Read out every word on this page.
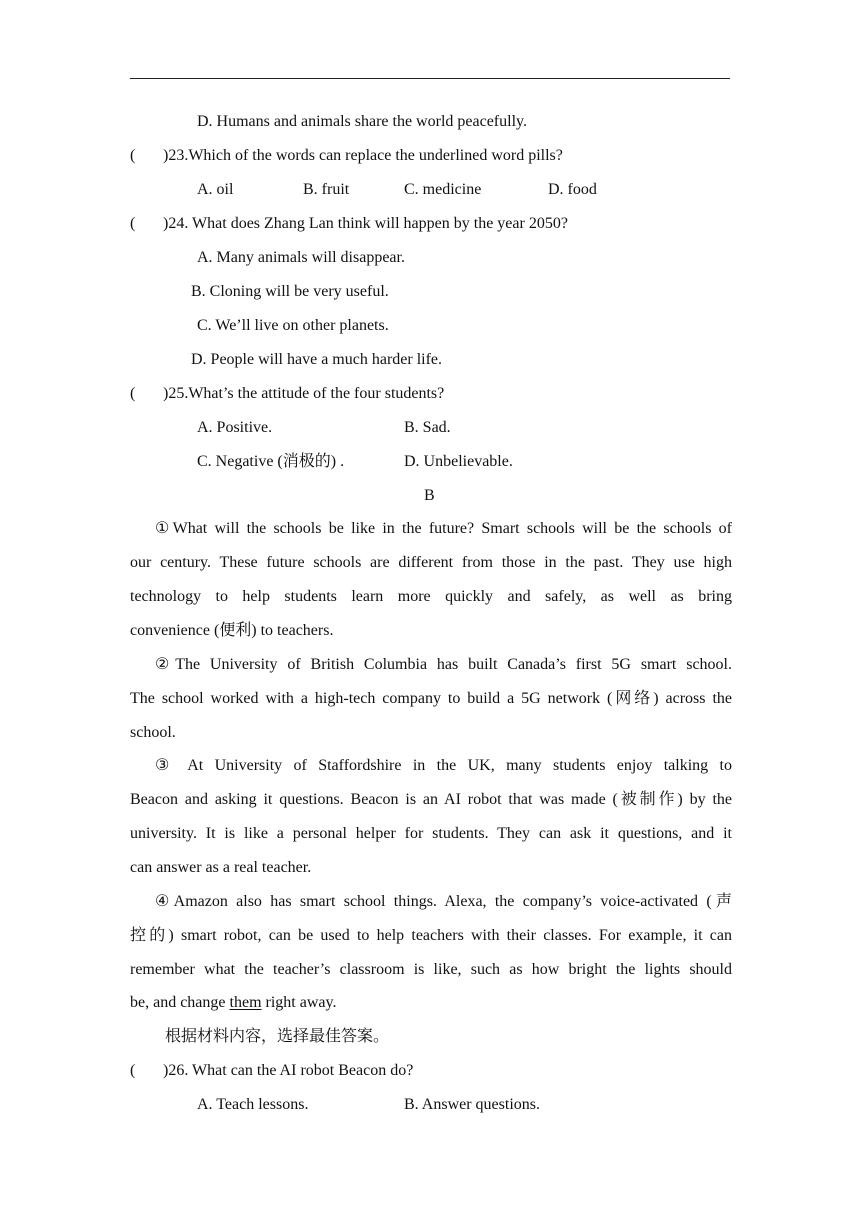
D. Humans and animals share the world peacefully.
( )23.Which of the words can replace the underlined word pills?
A. oil	B. fruit	C. medicine	D. food
( )24. What does Zhang Lan think will happen by the year 2050?
A. Many animals will disappear.
B. Cloning will be very useful.
C. We’ll live on other planets.
D. People will have a much harder life.
( )25.What’s the attitude of the four students?
A. Positive.	B. Sad.
C. Negative (消极的) .	D. Unbelievable.
B
①What will the schools be like in the future? Smart schools will be the schools of
our century. These future schools are different from those in the past. They use high
technology to help students learn more quickly and safely, as well as bring
convenience (便利) to teachers.
②The University of British Columbia has built Canada’s first 5G smart school.
The school worked with a high-tech company to build a 5G network (网络) across the
school.
③ At University of Staffordshire in the UK, many students enjoy talking to
Beacon and asking it questions. Beacon is an AI robot that was made (被制作) by the
university. It is like a personal helper for students. They can ask it questions, and it
can answer as a real teacher.
④Amazon also has smart school things. Alexa, the company’s voice-activated (声
控的) smart robot, can be used to help teachers with their classes. For example, it can
remember what the teacher’s classroom is like, such as how bright the lights should
be, and change them right away.
根据材料内容，选择最佳答案。
( )26. What can the AI robot Beacon do?
A. Teach lessons.	B. Answer questions.
